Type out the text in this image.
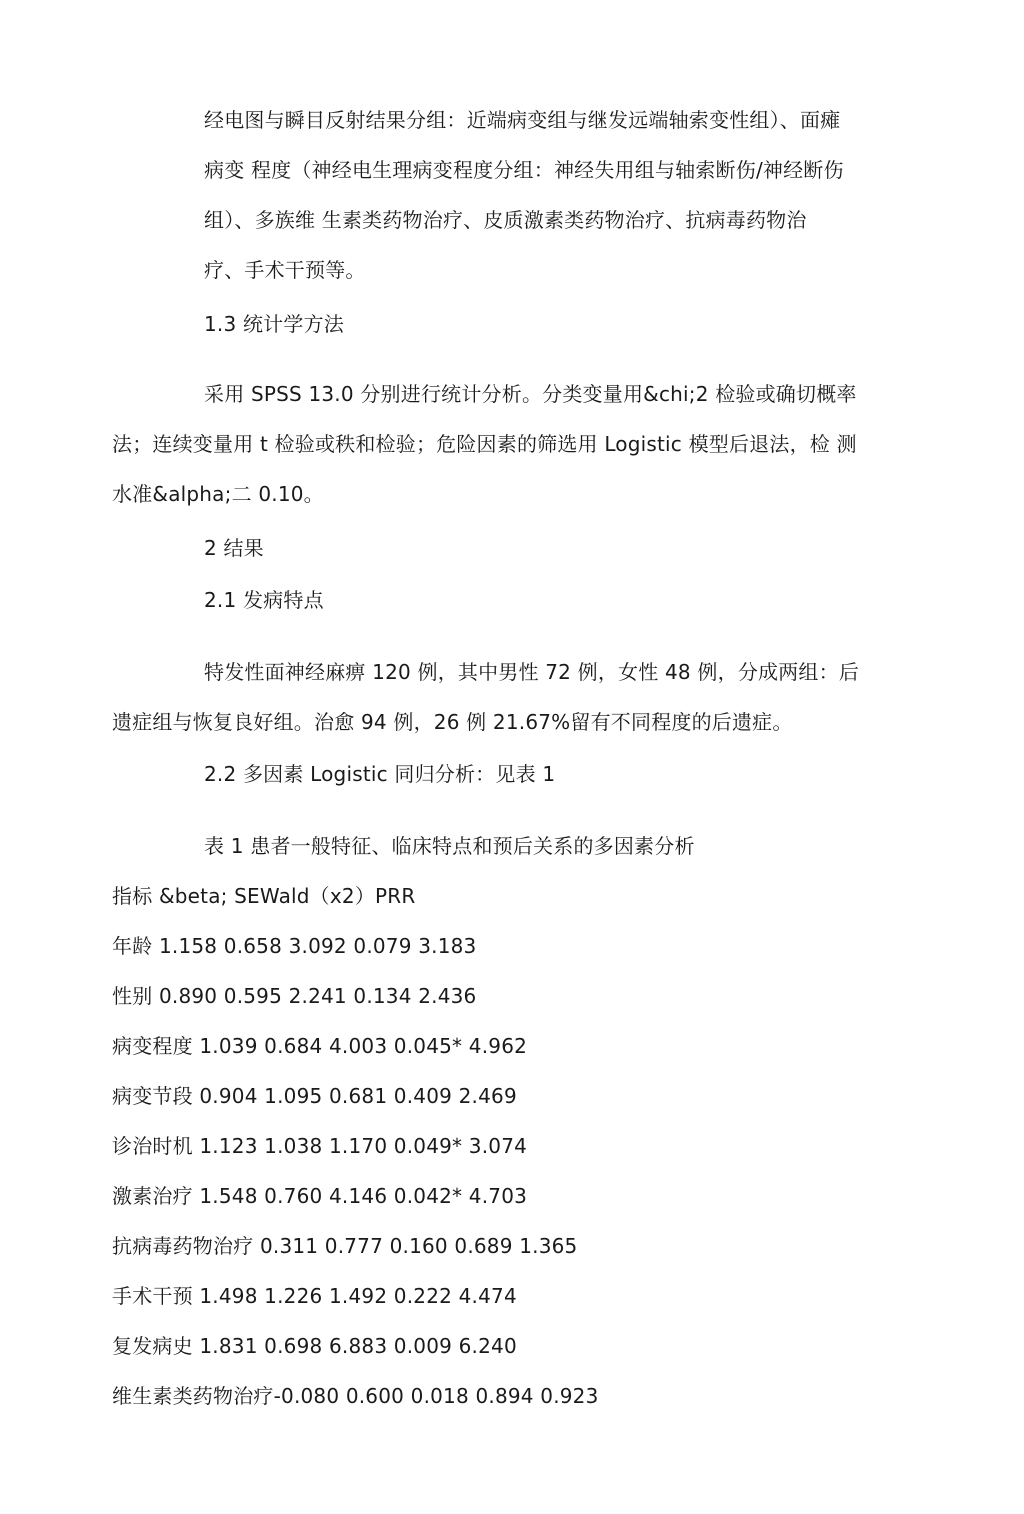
经电图与瞬目反射结果分组：近端病变组与继发远端轴索变性组）、面瘫
病变 程度（神经电生理病变程度分组：神经失用组与轴索断伤/神经断伤
组）、多族维 生素类药物治疗、皮质激素类药物治疗、抗病毒药物治
疗、手术干预等。
1.3 统计学方法
采用 SPSS 13.0 分别进行统计分析。分类变量用&chi;2 检验或确切概率
法；连续变量用 t 检验或秩和检验；危险因素的筛选用 Logistic 模型后退法，检 测
水准&alpha;二 0.10。
2 结果
2.1 发病特点
特发性面神经麻痹 120 例，其中男性 72 例，女性 48 例，分成两组：后
遗症组与恢复良好组。治愈 94 例，26 例 21.67%留有不同程度的后遗症。
2.2 多因素 Logistic 同归分析：见表 1
表 1 患者一般特征、临床特点和预后关系的多因素分析
指标 &beta; SEWald（x2）PRR
年龄 1.158 0.658 3.092 0.079 3.183
性别 0.890 0.595 2.241 0.134 2.436
病变程度 1.039 0.684 4.003 0.045* 4.962
病变节段 0.904 1.095 0.681 0.409 2.469
诊治时机 1.123 1.038 1.170 0.049* 3.074
激素治疗 1.548 0.760 4.146 0.042* 4.703
抗病毒药物治疗 0.311 0.777 0.160 0.689 1.365
手术干预 1.498 1.226 1.492 0.222 4.474
复发病史 1.831 0.698 6.883 0.009 6.240
维生素类药物治疗-0.080 0.600 0.018 0.894 0.923
